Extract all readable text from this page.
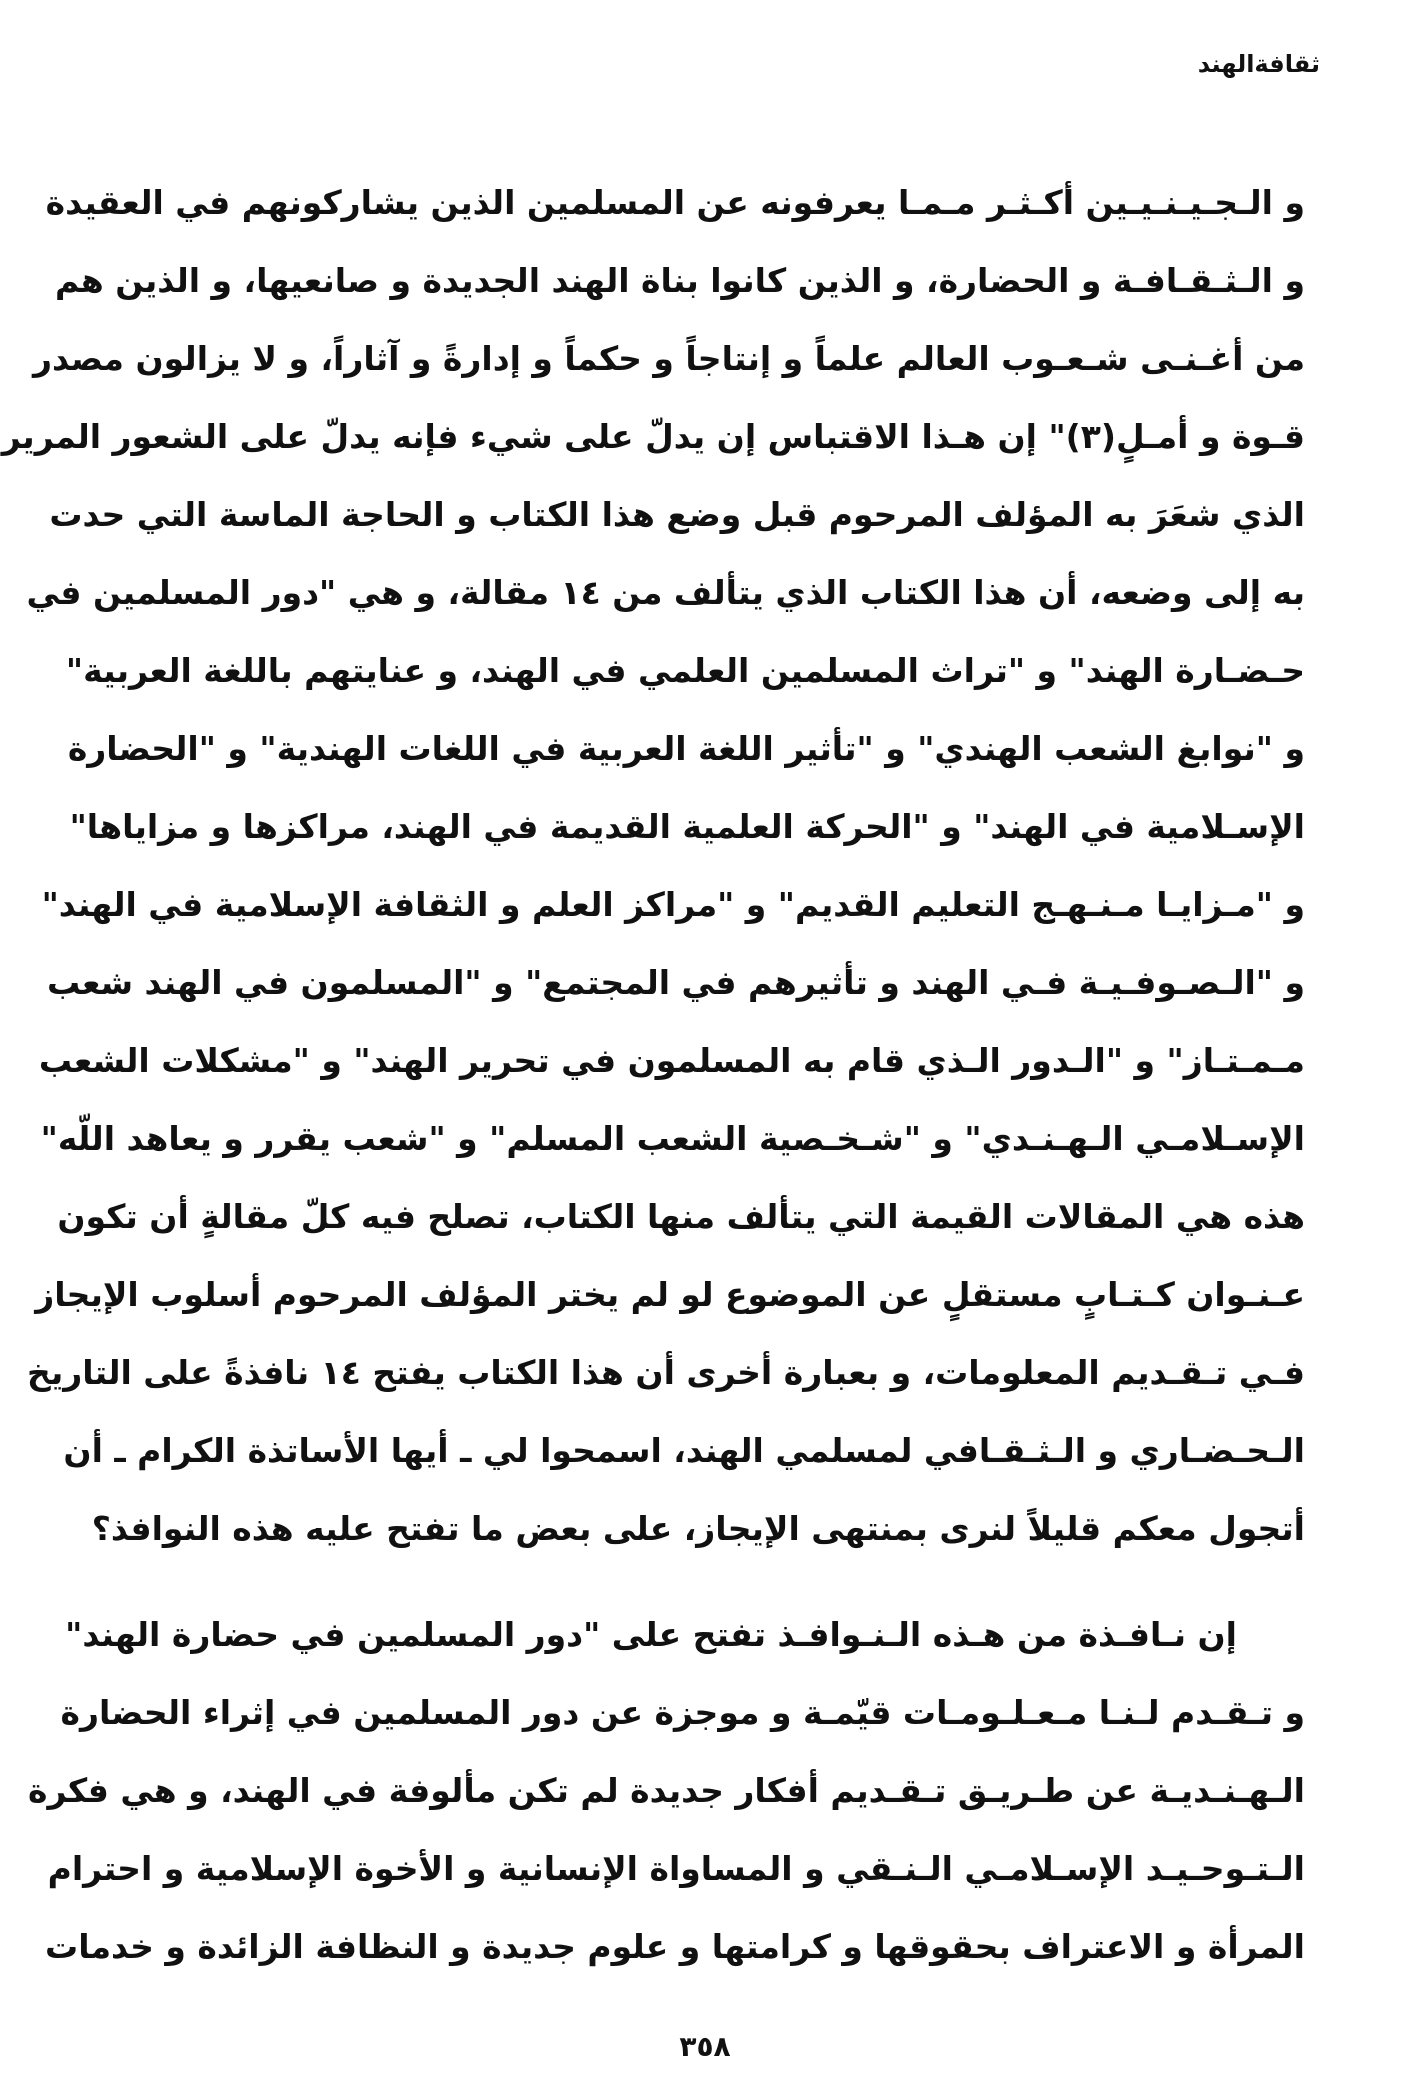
ثقافةالهند
و الـجـيـنـيـين أكـثـر مـمـا يعرفونه عن المسلمين الذين يشاركونهم في العقيدة
و الـثـقـافـة و الحضارة، و الذين كانوا بناة الهند الجديدة و صانعيها، و الذين هم
من أغـنـى شـعـوب العالم علماً و إنتاجاً و حكماً و إدارةً و آثاراً، و لا يزالون مصدر
قـوة و أمـلٍ(٣)" إن هـذا الاقتباس إن يدلّ على شيء فإنه يدلّ على الشعور المرير
الذي شعَرَ به المؤلف المرحوم قبل وضع هذا الكتاب و الحاجة الماسة التي حدت
به إلى وضعه، أن هذا الكتاب الذي يتألف من ١٤ مقالة، و هي "دور المسلمين في
حـضـارة الهند" و "تراث المسلمين العلمي في الهند، و عنايتهم باللغة العربية"
و "نوابغ الشعب الهندي" و "تأثير اللغة العربية في اللغات الهندية" و "الحضارة
الإسـلامية في الهند" و "الحركة العلمية القديمة في الهند، مراكزها و مزاياها"
و "مـزايـا مـنـهـج التعليم القديم" و "مراكز العلم و الثقافة الإسلامية في الهند"
و "الـصـوفـيـة فـي الهند و تأثيرهم في المجتمع" و "المسلمون في الهند شعب
مـمـتـاز" و "الـدور الـذي قام به المسلمون في تحرير الهند" و "مشكلات الشعب
الإسـلامـي الـهـنـدي" و "شـخـصية الشعب المسلم" و "شعب يقرر و يعاهد اللّه"
هذه هي المقالات القيمة التي يتألف منها الكتاب، تصلح فيه كلّ مقالةٍ أن تكون
عـنـوان كـتـابٍ مستقلٍ عن الموضوع لو لم يختر المؤلف المرحوم أسلوب الإيجاز
فـي تـقـديم المعلومات، و بعبارة أخرى أن هذا الكتاب يفتح ١٤ نافذةً على التاريخ
الـحـضـاري و الـثـقـافي لمسلمي الهند، اسمحوا لي ـ أيها الأساتذة الكرام ـ أن
أتجول معكم قليلاً لنرى بمنتهى الإيجاز، على بعض ما تفتح عليه هذه النوافذ؟
إن نـافـذة من هـذه الـنـوافـذ تفتح على "دور المسلمين في حضارة الهند"
و تـقـدم لـنـا مـعـلـومـات قيّمـة و موجزة عن دور المسلمين في إثراء الحضارة
الـهـنـديـة عن طـريـق تـقـديم أفكار جديدة لم تكن مألوفة في الهند، و هي فكرة
الـتـوحـيـد الإسـلامـي الـنـقي و المساواة الإنسانية و الأخوة الإسلامية و احترام
المرأة و الاعتراف بحقوقها و كرامتها و علوم جديدة و النظافة الزائدة و خدمات
٣٥٨
